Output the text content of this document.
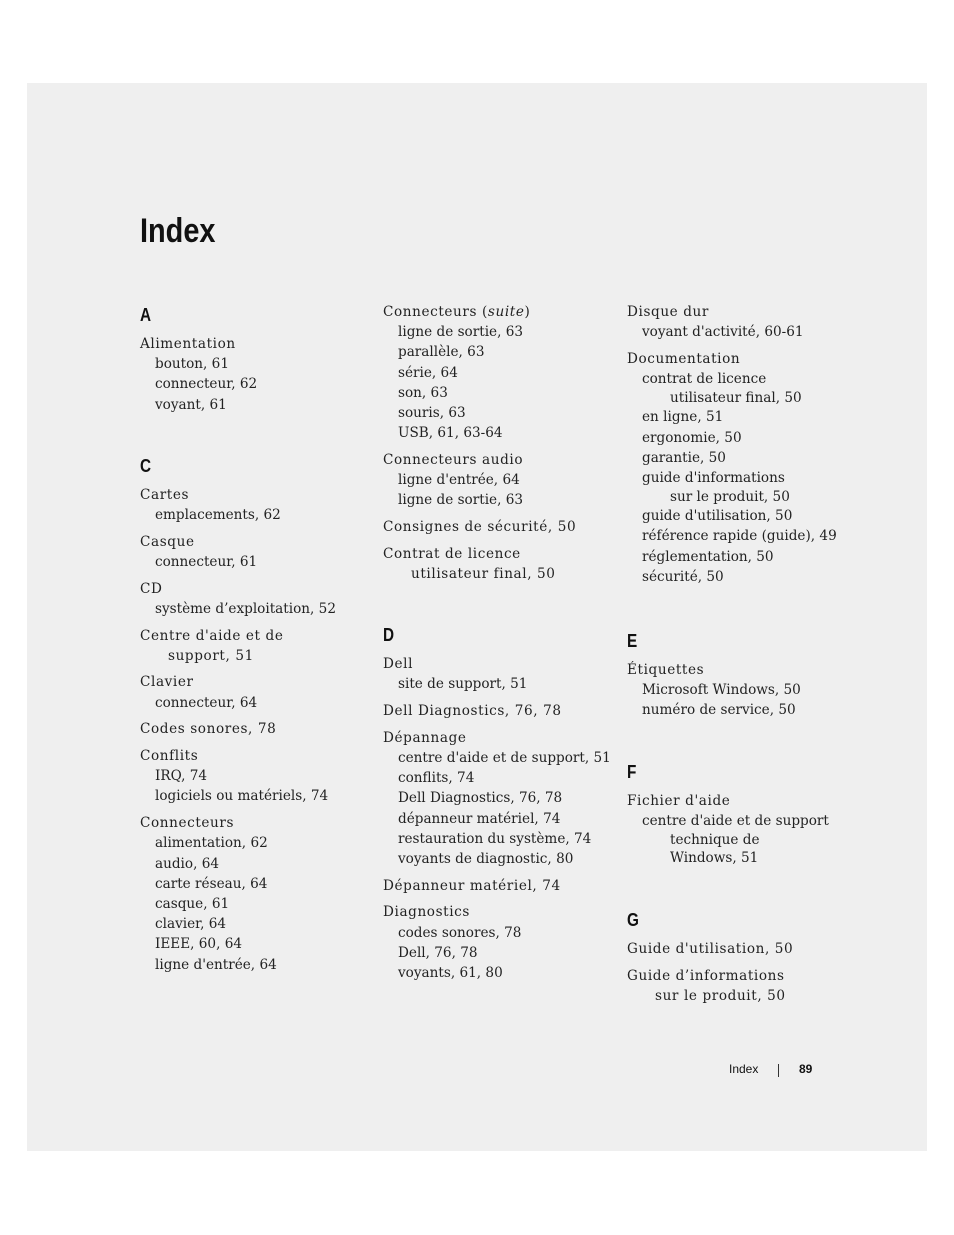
Index
A
Alimentation
bouton, 61
connecteur, 62
voyant, 61
C
Cartes
emplacements, 62
Casque
connecteur, 61
CD
système d’exploitation, 52
Centre d'aide et de
support, 51
Clavier
connecteur, 64
Codes sonores, 78
Conflits
IRQ, 74
logiciels ou matériels, 74
Connecteurs
alimentation, 62
audio, 64
carte réseau, 64
casque, 61
clavier, 64
IEEE, 60, 64
ligne d'entrée, 64
Connecteurs (suite)
ligne de sortie, 63
parallèle, 63
série, 64
son, 63
souris, 63
USB, 61, 63-64
Connecteurs audio
ligne d'entrée, 64
ligne de sortie, 63
Consignes de sécurité, 50
Contrat de licence
utilisateur final, 50
D
Dell
site de support, 51
Dell Diagnostics, 76, 78
Dépannage
centre d'aide et de support, 51
conflits, 74
Dell Diagnostics, 76, 78
dépanneur matériel, 74
restauration du système, 74
voyants de diagnostic, 80
Dépanneur matériel, 74
Diagnostics
codes sonores, 78
Dell, 76, 78
voyants, 61, 80
Disque dur
voyant d'activité, 60-61
Documentation
contrat de licence
utilisateur final, 50
en ligne, 51
ergonomie, 50
garantie, 50
guide d'informations
sur le produit, 50
guide d'utilisation, 50
référence rapide (guide), 49
réglementation, 50
sécurité, 50
E
Étiquettes
Microsoft Windows, 50
numéro de service, 50
F
Fichier d'aide
centre d'aide et de support
technique de
Windows, 51
G
Guide d'utilisation, 50
Guide d’informations
sur le produit, 50
Index	89
